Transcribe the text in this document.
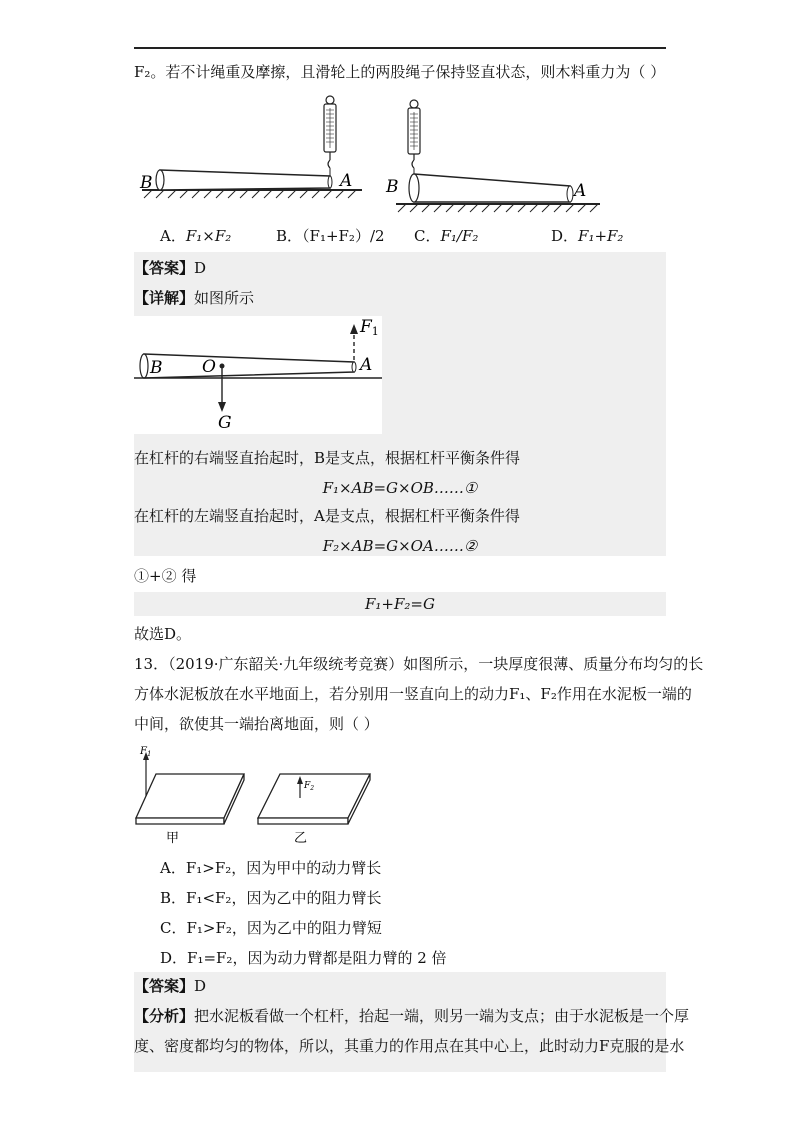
F₂。若不计绳重及摩擦，且滑轮上的两股绳子保持竖直状态，则木料重力为（ ）
B	A B	A
A．F₁×F₂	B．（F₁+F₂）/2 C．F₁/F₂	D．F₁+F₂
【答案】D
【详解】如图所示
F1
B O	A
G
在杠杆的右端竖直抬起时，B是支点，根据杠杆平衡条件得
F₁×AB=G×OB……①
在杠杆的左端竖直抬起时，A是支点，根据杠杆平衡条件得
F₂×AB=G×OA……②
①+② 得
F₁+F₂=G
故选D。
13．（2019·广东韶关·九年级统考竞赛）如图所示，一块厚度很薄、质量分布均匀的长
方体水泥板放在水平地面上，若分别用一竖直向上的动力F₁、F₂作用在水泥板一端的
中间，欲使其一端抬离地面，则（ ）
$F_1$
甲
$F_2$
乙
A．F₁>F₂，因为甲中的动力臂长
B．F₁<F₂，因为乙中的阻力臂长
C．F₁>F₂，因为乙中的阻力臂短
D．F₁=F₂，因为动力臂都是阻力臂的 2 倍
【答案】D
【分析】把水泥板看做一个杠杆，抬起一端，则另一端为支点；由于水泥板是一个厚
度、密度都均匀的物体，所以，其重力的作用点在其中心上，此时动力F克服的是水
